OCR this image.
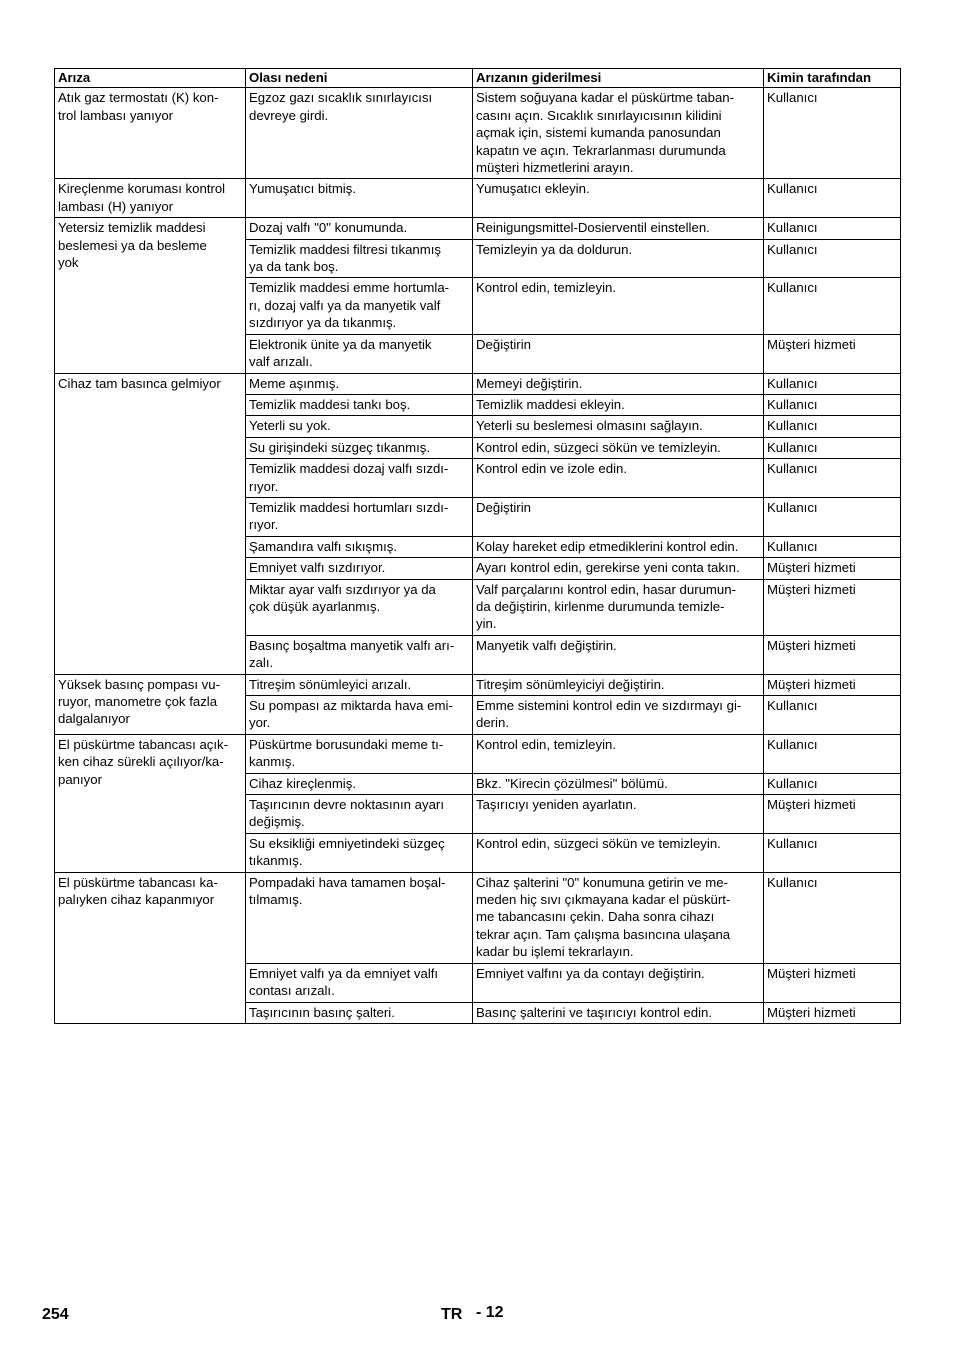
Arıza	Olası nedeni	Arızanın giderilmesi	Kimin tarafından
Atık gaz termostatı (K) kon-
trol lambası yanıyor	Egzoz gazı sıcaklık sınırlayıcısı
devreye girdi.	Sistem soğuyana kadar el püskürtme taban-
casını açın. Sıcaklık sınırlayıcısının kilidini
açmak için, sistemi kumanda panosundan
kapatın ve açın. Tekrarlanması durumunda
müşteri hizmetlerini arayın.	Kullanıcı
Kireçlenme koruması kontrol
lambası (H) yanıyor	Yumuşatıcı bitmiş.	Yumuşatıcı ekleyin.	Kullanıcı
Yetersiz temizlik maddesi
beslemesi ya da besleme
yok	Dozaj valfı "0" konumunda.	Reinigungsmittel-Dosierventil einstellen.	Kullanıcı
	Temizlik maddesi filtresi tıkanmış
ya da tank boş.	Temizleyin ya da doldurun.	Kullanıcı
	Temizlik maddesi emme hortumla-
rı, dozaj valfı ya da manyetik valf
sızdırıyor ya da tıkanmış.	Kontrol edin, temizleyin.	Kullanıcı
	Elektronik ünite ya da manyetik
valf arızalı.	Değiştirin	Müşteri hizmeti
Cihaz tam basınca gelmiyor	Meme aşınmış.	Memeyi değiştirin.	Kullanıcı
	Temizlik maddesi tankı boş.	Temizlik maddesi ekleyin.	Kullanıcı
	Yeterli su yok.	Yeterli su beslemesi olmasını sağlayın.	Kullanıcı
	Su girişindeki süzgeç tıkanmış.	Kontrol edin, süzgeci sökün ve temizleyin.	Kullanıcı
	Temizlik maddesi dozaj valfı sızdı-
rıyor.	Kontrol edin ve izole edin.	Kullanıcı
	Temizlik maddesi hortumları sızdı-
rıyor.	Değiştirin	Kullanıcı
	Şamandıra valfı sıkışmış.	Kolay hareket edip etmediklerini kontrol edin.	Kullanıcı
	Emniyet valfı sızdırıyor.	Ayarı kontrol edin, gerekirse yeni conta takın.	Müşteri hizmeti
	Miktar ayar valfı sızdırıyor ya da
çok düşük ayarlanmış.	Valf parçalarını kontrol edin, hasar durumun-
da değiştirin, kirlenme durumunda temizle-
yin.	Müşteri hizmeti
	Basınç boşaltma manyetik valfı arı-
zalı.	Manyetik valfı değiştirin.	Müşteri hizmeti
Yüksek basınç pompası vu-
ruyor, manometre çok fazla
dalgalanıyor	Titreşim sönümleyici arızalı.	Titreşim sönümleyiciyi değiştirin.	Müşteri hizmeti
	Su pompası az miktarda hava emi-
yor.	Emme sistemini kontrol edin ve sızdırmayı gi-
derin.	Kullanıcı
El püskürtme tabancası açık-
ken cihaz sürekli açılıyor/ka-
panıyor	Püskürtme borusundaki meme tı-
kanmış.	Kontrol edin, temizleyin.	Kullanıcı
	Cihaz kireçlenmiş.	Bkz. "Kirecin çözülmesi" bölümü.	Kullanıcı
	Taşırıcının devre noktasının ayarı
değişmiş.	Taşırıcıyı yeniden ayarlatın.	Müşteri hizmeti
	Su eksikliği emniyetindeki süzgeç
tıkanmış.	Kontrol edin, süzgeci sökün ve temizleyin.	Kullanıcı
El püskürtme tabancası ka-
palıyken cihaz kapanmıyor	Pompadaki hava tamamen boşal-
tılmamış.	Cihaz şalterini "0" konumuna getirin ve me-
meden hiç sıvı çıkmayana kadar el püskürt-
me tabancasını çekin. Daha sonra cihazı
tekrar açın. Tam çalışma basıncına ulaşana
kadar bu işlemi tekrarlayın.	Kullanıcı
	Emniyet valfı ya da emniyet valfı
contası arızalı.	Emniyet valfını ya da contayı değiştirin.	Müşteri hizmeti
	Taşırıcının basınç şalteri.	Basınç şalterini ve taşırıcıyı kontrol edin.	Müşteri hizmeti
254	TR - 12
